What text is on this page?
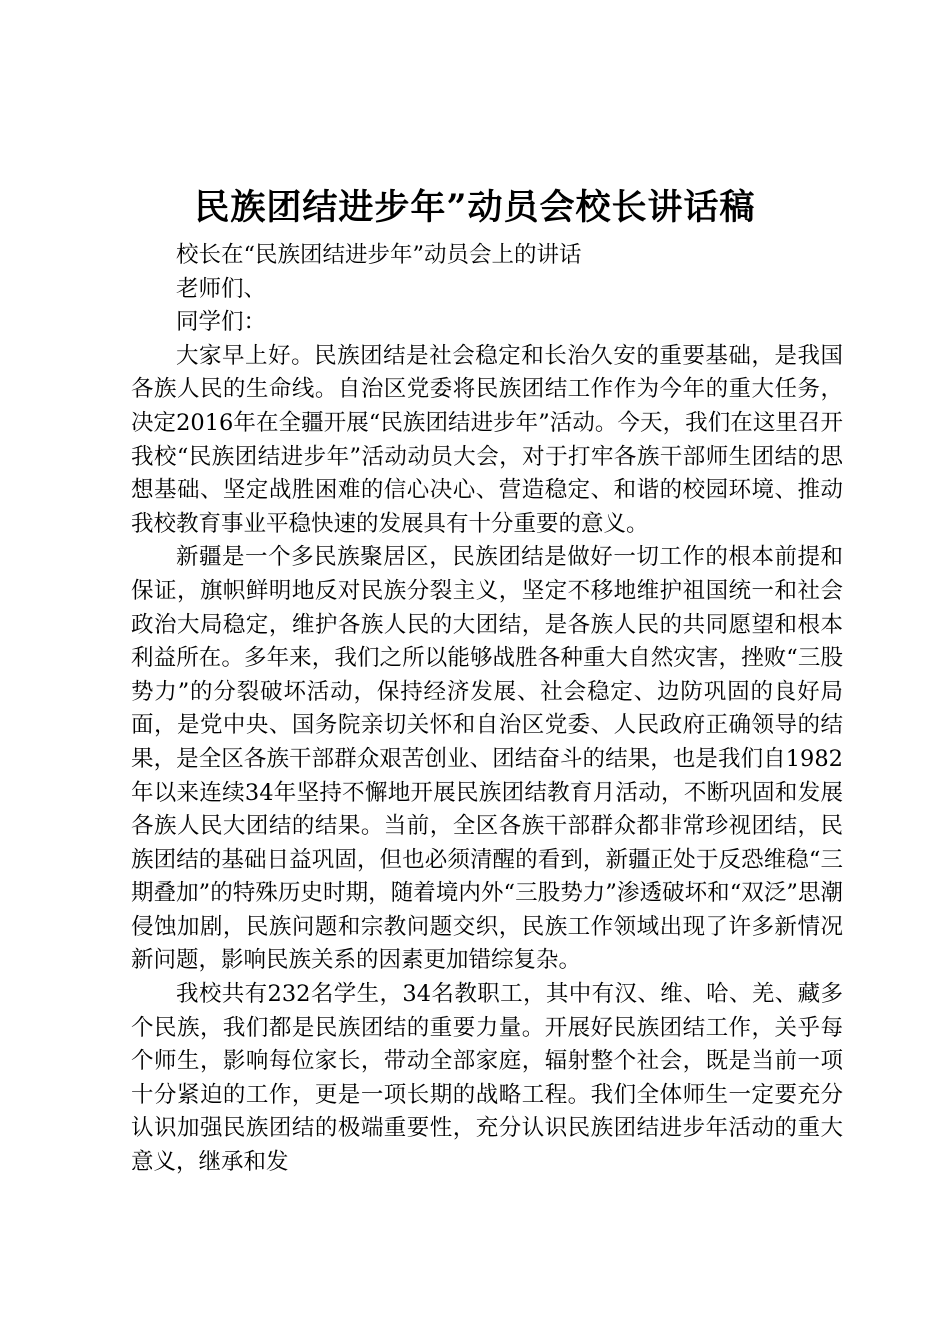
民族团结进步年”动员会校长讲话稿

校长在“民族团结进步年”动员会上的讲话

老师们、

同学们：

大家早上好。民族团结是社会稳定和长治久安的重要基础，是我国各族人民的生命线。自治区党委将民族团结工作作为今年的重大任务，决定2016年在全疆开展“民族团结进步年”活动。今天，我们在这里召开我校“民族团结进步年”活动动员大会，对于打牢各族干部师生团结的思想基础、坚定战胜困难的信心决心、营造稳定、和谐的校园环境、推动我校教育事业平稳快速的发展具有十分重要的意义。

新疆是一个多民族聚居区，民族团结是做好一切工作的根本前提和保证，旗帜鲜明地反对民族分裂主义，坚定不移地维护祖国统一和社会政治大局稳定，维护各族人民的大团结，是各族人民的共同愿望和根本利益所在。多年来，我们之所以能够战胜各种重大自然灾害，挫败“三股势力”的分裂破坏活动，保持经济发展、社会稳定、边防巩固的良好局面，是党中央、国务院亲切关怀和自治区党委、人民政府正确领导的结果，是全区各族干部群众艰苦创业、团结奋斗的结果，也是我们自1982年以来连续34年坚持不懈地开展民族团结教育月活动，不断巩固和发展各族人民大团结的结果。当前，全区各族干部群众都非常珍视团结，民族团结的基础日益巩固，但也必须清醒的看到，新疆正处于反恐维稳“三期叠加”的特殊历史时期，随着境内外“三股势力”渗透破坏和“双泛”思潮侵蚀加剧，民族问题和宗教问题交织，民族工作领域出现了许多新情况新问题，影响民族关系的因素更加错综复杂。

我校共有232名学生，34名教职工，其中有汉、维、哈、羌、藏多个民族，我们都是民族团结的重要力量。开展好民族团结工作，关乎每个师生，影响每位家长，带动全部家庭，辐射整个社会，既是当前一项十分紧迫的工作，更是一项长期的战略工程。我们全体师生一定要充分认识加强民族团结的极端重要性，充分认识民族团结进步年活动的重大意义，继承和发
